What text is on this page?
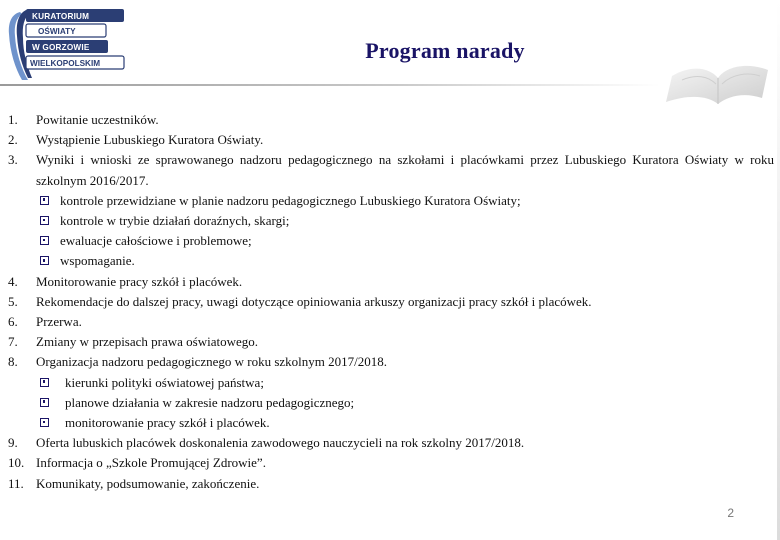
KURATORIUM
OŚWIATY
W GORZOWIE
WIELKOPOLSKIM
Program narady
1.	Powitanie uczestników.
2.	Wystąpienie Lubuskiego Kuratora Oświaty.
3.	Wyniki i wnioski ze sprawowanego nadzoru pedagogicznego na szkołami i placówkami przez Lubuskiego Kuratora Oświaty w roku szkolnym 2016/2017.
kontrole przewidziane w planie nadzoru pedagogicznego Lubuskiego Kuratora Oświaty;
kontrole w trybie działań doraźnych, skargi;
ewaluacje całościowe i problemowe;
wspomaganie.
4.	Monitorowanie pracy szkół i placówek.
5.	Rekomendacje do dalszej pracy, uwagi dotyczące opiniowania arkuszy organizacji pracy szkół i placówek.
6.	Przerwa.
7.	Zmiany w przepisach prawa oświatowego.
8.	Organizacja nadzoru pedagogicznego w roku szkolnym 2017/2018.
kierunki polityki oświatowej państwa;
planowe działania w zakresie nadzoru pedagogicznego;
monitorowanie pracy szkół i placówek.
9.	Oferta lubuskich placówek doskonalenia zawodowego nauczycieli na rok szkolny 2017/2018.
10. Informacja o „Szkole Promującej Zdrowie”.
11. Komunikaty, podsumowanie, zakończenie.
2
